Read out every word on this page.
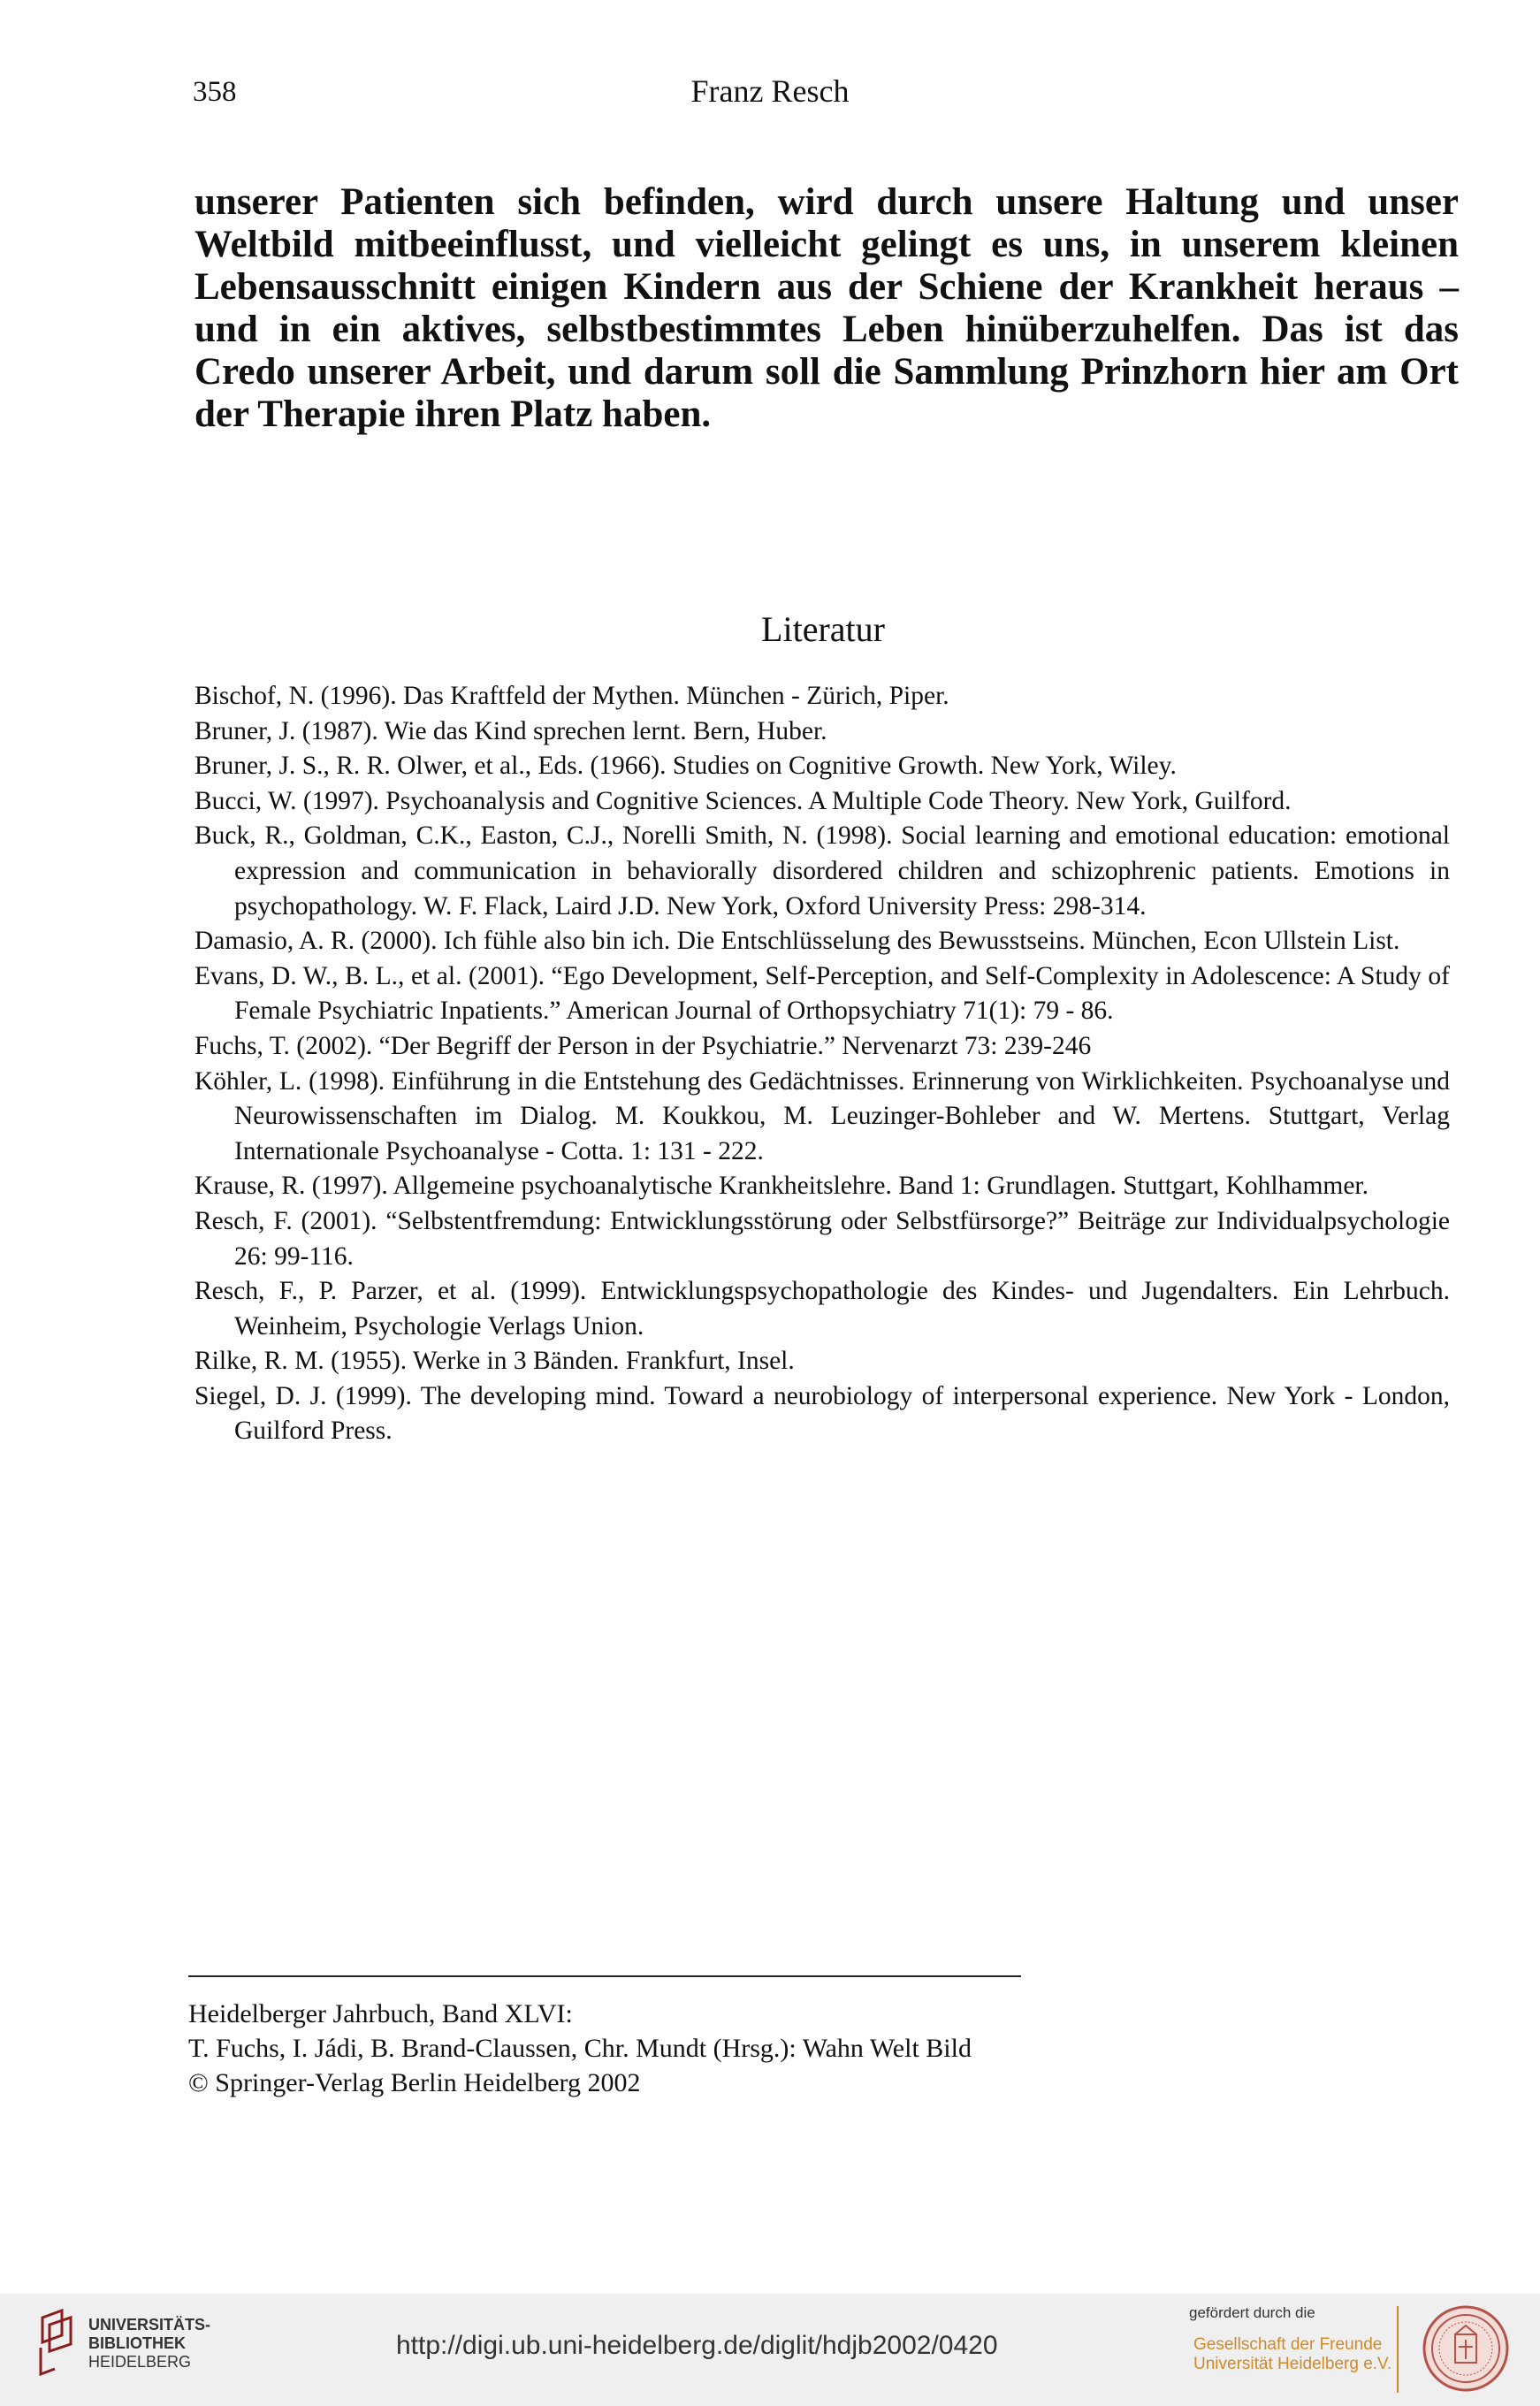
358	Franz Resch

unserer Patienten sich befinden, wird durch unsere Haltung und unser Weltbild mitbeeinflusst, und vielleicht gelingt es uns, in unserem kleinen Lebensausschnitt einigen Kindern aus der Schiene der Krankheit heraus – und in ein aktives, selbstbestimmtes Leben hinüberzuhelfen. Das ist das Credo unserer Arbeit, und darum soll die Sammlung Prinzhorn hier am Ort der Therapie ihren Platz haben.

Literatur
Bischof, N. (1996). Das Kraftfeld der Mythen. München - Zürich, Piper.
Bruner, J. (1987). Wie das Kind sprechen lernt. Bern, Huber.
Bruner, J. S., R. R. Olwer, et al., Eds. (1966). Studies on Cognitive Growth. New York, Wiley.
Bucci, W. (1997). Psychoanalysis and Cognitive Sciences. A Multiple Code Theory. New York, Guilford.
Buck, R., Goldman, C.K., Easton, C.J., Norelli Smith, N. (1998). Social learning and emotional education: emotional expression and communication in behaviorally disordered children and schizophrenic patients. Emotions in psychopathology. W. F. Flack, Laird J.D. New York, Oxford University Press: 298-314.
Damasio, A. R. (2000). Ich fühle also bin ich. Die Entschlüsselung des Bewusstseins. München, Econ Ullstein List.
Evans, D. W., B. L., et al. (2001). “Ego Development, Self-Perception, and Self-Complexity in Adolescence: A Study of Female Psychiatric Inpatients.” American Journal of Orthopsychiatry 71(1): 79 - 86.
Fuchs, T. (2002). “Der Begriff der Person in der Psychiatrie.” Nervenarzt 73: 239-246
Köhler, L. (1998). Einführung in die Entstehung des Gedächtnisses. Erinnerung von Wirklichkeiten. Psychoanalyse und Neurowissenschaften im Dialog. M. Koukkou, M. Leuzinger-Bohleber and W. Mertens. Stuttgart, Verlag Internationale Psychoanalyse - Cotta. 1: 131 - 222.
Krause, R. (1997). Allgemeine psychoanalytische Krankheitslehre. Band 1: Grundlagen. Stuttgart, Kohlhammer.
Resch, F. (2001). “Selbstentfremdung: Entwicklungsstörung oder Selbstfürsorge?” Beiträge zur Individualpsychologie 26: 99-116.
Resch, F., P. Parzer, et al. (1999). Entwicklungspsychopathologie des Kindes- und Jugendalters. Ein Lehrbuch. Weinheim, Psychologie Verlags Union.
Rilke, R. M. (1955). Werke in 3 Bänden. Frankfurt, Insel.
Siegel, D. J. (1999). The developing mind. Toward a neurobiology of interpersonal experience. New York - London, Guilford Press.
Heidelberger Jahrbuch, Band XLVI:
T. Fuchs, I. Jádi, B. Brand-Claussen, Chr. Mundt (Hrsg.): Wahn Welt Bild
© Springer-Verlag Berlin Heidelberg 2002
UNIVERSITÄTS-
BIBLIOTHEK
HEIDELBERG
http://digi.ub.uni-heidelberg.de/diglit/hdjb2002/0420
gefördert durch die
Gesellschaft der Freunde
Universität Heidelberg e.V.
